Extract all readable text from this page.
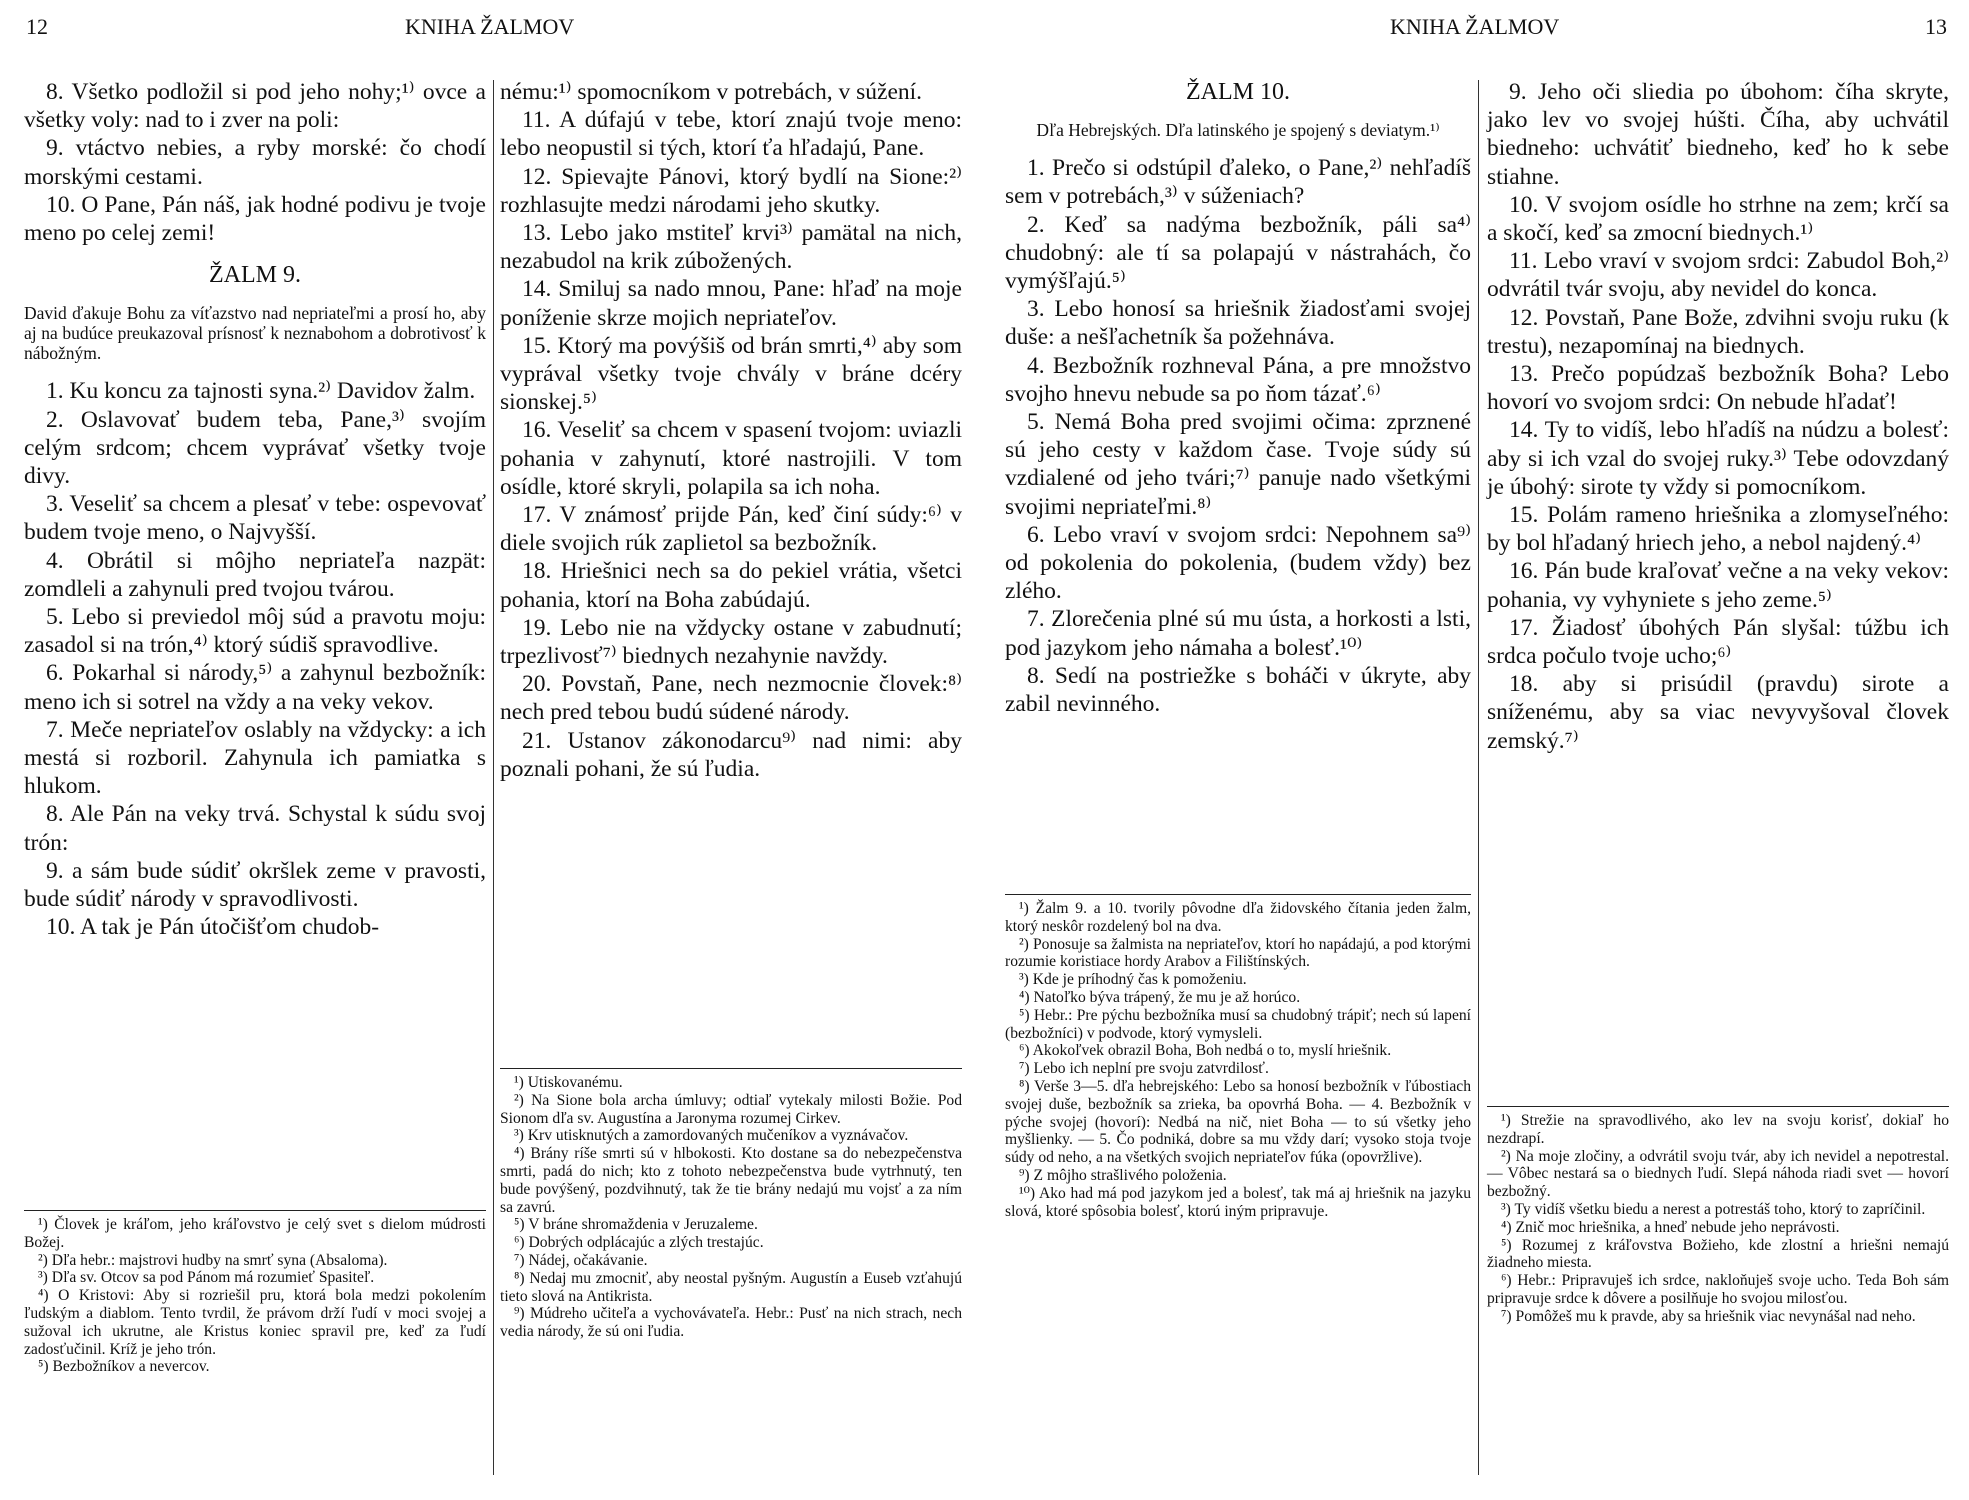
12	KNIHA ŽALMOV	KNIHA ŽALMOV	13

8. Všetko podložil si pod jeho nohy;¹⁾ ovce a všetky voly: nad to i zver na poli:

9. vtáctvo nebies, a ryby morské: čo chodí morskými cestami.

10. O Pane, Pán náš, jak hodné podivu je tvoje meno po celej zemi!

ŽALM 9.

David ďakuje Bohu za víťazstvo nad nepriateľmi a prosí ho, aby aj na budúce preukazoval prísnosť k neznabohom a dobrotivosť k nábožným.

1. Ku koncu za tajnosti syna.²⁾ Davidov žalm.

2. Oslavovať budem teba, Pane,³⁾ svojím celým srdcom; chcem vyprávať všetky tvoje divy.

3. Veseliť sa chcem a plesať v tebe: ospevovať budem tvoje meno, o Najvyšší.

4. Obrátil si môjho nepriateľa nazpät: zomdleli a zahynuli pred tvojou tvárou.

5. Lebo si previedol môj súd a pravotu moju: zasadol si na trón,⁴⁾ ktorý súdiš spravodlive.

6. Pokarhal si národy,⁵⁾ a zahynul bezbožník: meno ich si sotrel na vždy a na veky vekov.

7. Meče nepriateľov oslably na vždycky: a ich mestá si rozboril. Zahynula ich pamiatka s hlukom.

8. Ale Pán na veky trvá. Schystal k súdu svoj trón:

9. a sám bude súdiť okršlek zeme v pravosti, bude súdiť národy v spravodlivosti.

10. A tak je Pán útočišťom chudob-

¹) Človek je kráľom, jeho kráľovstvo je celý svet s dielom múdrosti Božej.

²) Dľa hebr.: majstrovi hudby na smrť syna (Absaloma).

³) Dľa sv. Otcov sa pod Pánom má rozumieť Spasiteľ.

⁴) O Kristovi: Aby si rozriešil pru, ktorá bola medzi pokolením ľudským a diablom. Tento tvrdil, že právom drží ľudí v moci svojej a sužoval ich ukrutne, ale Kristus koniec spravil pre, keď za ľudí zadosťučinil. Kríž je jeho trón.

⁵) Bezbožníkov a nevercov.

nému:¹⁾ spomocníkom v potrebách, v súžení.

11. A dúfajú v tebe, ktorí znajú tvoje meno: lebo neopustil si tých, ktorí ťa hľadajú, Pane.

12. Spievajte Pánovi, ktorý bydlí na Sione:²⁾ rozhlasujte medzi národami jeho skutky.

13. Lebo jako mstiteľ krvi³⁾ pamätal na nich, nezabudol na krik zúbožených.

14. Smiluj sa nado mnou, Pane: hľaď na moje poníženie skrze mojich nepriateľov.

15. Ktorý ma povýšiš od brán smrti,⁴⁾ aby som vyprával všetky tvoje chvály v bráne dcéry sionskej.⁵⁾

16. Veseliť sa chcem v spasení tvojom: uviazli pohania v zahynutí, ktoré nastrojili. V tom osídle, ktoré skryli, polapila sa ich noha.

17. V známosť prijde Pán, keď činí súdy:⁶⁾ v diele svojich rúk zaplietol sa bezbožník.

18. Hriešnici nech sa do pekiel vrátia, všetci pohania, ktorí na Boha zabúdajú.

19. Lebo nie na vždycky ostane v zabudnutí; trpezlivosť⁷⁾ biednych nezahynie navždy.

20. Povstaň, Pane, nech nezmocnie človek:⁸⁾ nech pred tebou budú súdené národy.

21. Ustanov zákonodarcu⁹⁾ nad nimi: aby poznali pohani, že sú ľudia.

¹) Utiskovanému.

²) Na Sione bola archa úmluvy; odtiaľ vytekaly milosti Božie. Pod Sionom dľa sv. Augustína a Jaronyma rozumej Cirkev.

³) Krv utisknutých a zamordovaných mučeníkov a vyznávačov.

⁴) Brány ríše smrti sú v hlbokosti. Kto dostane sa do nebezpečenstva smrti, padá do nich; kto z tohoto nebezpečenstva bude vytrhnutý, ten bude povýšený, pozdvihnutý, tak že tie brány nedajú mu vojsť a za ním sa zavrú.

⁵) V bráne shromaždenia v Jeruzaleme.

⁶) Dobrých odplácajúc a zlých trestajúc.

⁷) Nádej, očakávanie.

⁸) Nedaj mu zmocniť, aby neostal pyšným. Augustín a Euseb vzťahujú tieto slová na Antikrista.

⁹) Múdreho učiteľa a vychovávateľa. Hebr.: Pusť na nich strach, nech vedia národy, že sú oni ľudia.

ŽALM 10.

Dľa Hebrejských. Dľa latinského je spojený s deviatym.¹⁾

1. Prečo si odstúpil ďaleko, o Pane,²⁾ nehľadíš sem v potrebách,³⁾ v súženiach?

2. Keď sa nadýma bezbožník, páli sa⁴⁾ chudobný: ale tí sa polapajú v nástrahách, čo vymýšľajú.⁵⁾

3. Lebo honosí sa hriešnik žiadosťami svojej duše: a nešľachetník ša požehnáva.

4. Bezbožník rozhneval Pána, a pre množstvo svojho hnevu nebude sa po ňom tázať.⁶⁾

5. Nemá Boha pred svojimi očima: zprznené sú jeho cesty v každom čase. Tvoje súdy sú vzdialené od jeho tvári;⁷⁾ panuje nado všetkými svojimi nepriateľmi.⁸⁾

6. Lebo vraví v svojom srdci: Nepohnem sa⁹⁾ od pokolenia do pokolenia, (budem vždy) bez zlého.

7. Zlorečenia plné sú mu ústa, a horkosti a lsti, pod jazykom jeho námaha a bolesť.¹⁰⁾

8. Sedí na postriežke s boháči v úkryte, aby zabil nevinného.

¹) Žalm 9. a 10. tvorily pôvodne dľa židovského čítania jeden žalm, ktorý neskôr rozdelený bol na dva.

²) Ponosuje sa žalmista na nepriateľov, ktorí ho napádajú, a pod ktorými rozumie koristiace hordy Arabov a Filištínských.

³) Kde je príhodný čas k pomoženiu.

⁴) Natoľko býva trápený, že mu je až horúco.

⁵) Hebr.: Pre pýchu bezbožníka musí sa chudobný trápiť; nech sú lapení (bezbožníci) v podvode, ktorý vymysleli.

⁶) Akokoľvek obrazil Boha, Boh nedbá o to, myslí hriešnik.

⁷) Lebo ich neplní pre svoju zatvrdilosť.

⁸) Verše 3—5. dľa hebrejského: Lebo sa honosí bezbožník v ľúbostiach svojej duše, bezbožník sa zrieka, ba opovrhá Boha. — 4. Bezbožník v pýche svojej (hovorí): Nedbá na nič, niet Boha — to sú všetky jeho myšlienky. — 5. Čo podniká, dobre sa mu vždy darí; vysoko stoja tvoje súdy od neho, a na všetkých svojich nepriateľov fúka (opovržlive).

⁹) Z môjho strašlivého položenia.

¹⁰) Ako had má pod jazykom jed a bolesť, tak má aj hriešnik na jazyku slová, ktoré spôsobia bolesť, ktorú iným pripravuje.

9. Jeho oči sliedia po úbohom: číha skryte, jako lev vo svojej húšti. Číha, aby uchvátil biedneho: uchvátiť biedneho, keď ho k sebe stiahne.

10. V svojom osídle ho strhne na zem; krčí sa a skočí, keď sa zmocní biednych.¹⁾

11. Lebo vraví v svojom srdci: Zabudol Boh,²⁾ odvrátil tvár svoju, aby nevidel do konca.

12. Povstaň, Pane Bože, zdvihni svoju ruku (k trestu), nezapomínaj na biednych.

13. Prečo popúdzaš bezbožník Boha? Lebo hovorí vo svojom srdci: On nebude hľadať!

14. Ty to vidíš, lebo hľadíš na núdzu a bolesť: aby si ich vzal do svojej ruky.³⁾ Tebe odovzdaný je úbohý: sirote ty vždy si pomocníkom.

15. Polám rameno hriešnika a zlomyseľného: by bol hľadaný hriech jeho, a nebol najdený.⁴⁾

16. Pán bude kraľovať večne a na veky vekov: pohania, vy vyhyniete s jeho zeme.⁵⁾

17. Žiadosť úbohých Pán slyšal: túžbu ich srdca počulo tvoje ucho;⁶⁾

18. aby si prisúdil (pravdu) sirote a sníženému, aby sa viac nevyvyšoval človek zemský.⁷⁾

¹) Strežie na spravodlivého, ako lev na svoju korisť, dokiaľ ho nezdrapí.

²) Na moje zločiny, a odvrátil svoju tvár, aby ich nevidel a nepotrestal. — Vôbec nestará sa o biednych ľudí. Slepá náhoda riadi svet — hovorí bezbožný.

³) Ty vidíš všetku biedu a nerest a potrestáš toho, ktorý to zapríčinil.

⁴) Znič moc hriešnika, a hneď nebude jeho neprávosti.

⁵) Rozumej z kráľovstva Božieho, kde zlostní a hriešni nemajú žiadneho miesta.

⁶) Hebr.: Pripravuješ ich srdce, nakloňuješ svoje ucho. Teda Boh sám pripravuje srdce k dôvere a posilňuje ho svojou milosťou.

⁷) Pomôžeš mu k pravde, aby sa hriešnik viac nevynášal nad neho.
